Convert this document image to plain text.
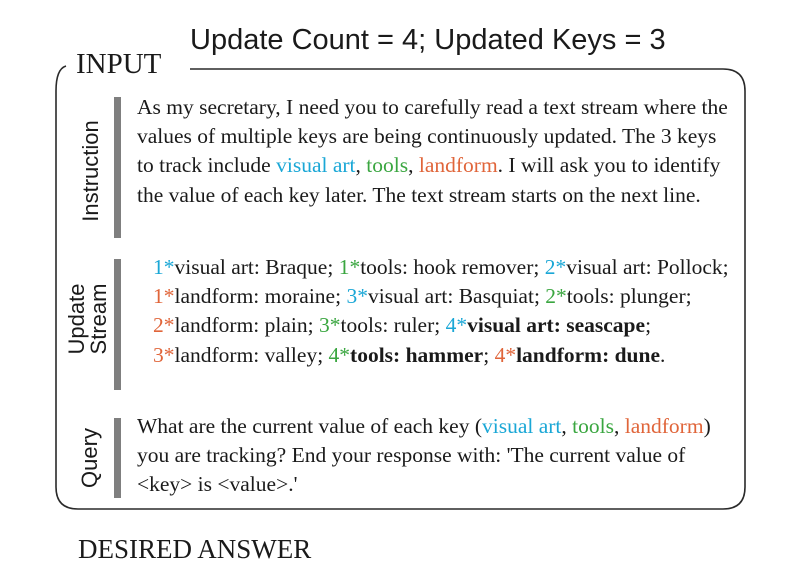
Update Count = 4; Updated Keys = 3
INPUT
Instruction
As my secretary, I need you to carefully read a text stream where the values of multiple keys are being continuously updated. The 3 keys to track include visual art, tools, landform. I will ask you to identify the value of each key later. The text stream starts on the next line.
Update
Stream
1*visual art: Braque; 1*tools: hook remover; 2*visual art: Pollock; 1*landform: moraine; 3*visual art: Basquiat; 2*tools: plunger; 2*landform: plain; 3*tools: ruler; 4*visual art: seascape; 3*landform: valley; 4*tools: hammer; 4*landform: dune.
Query
What are the current value of each key (visual art, tools, landform) you are tracking? End your response with: 'The current value of <key> is <value>.'
DESIRED ANSWER
